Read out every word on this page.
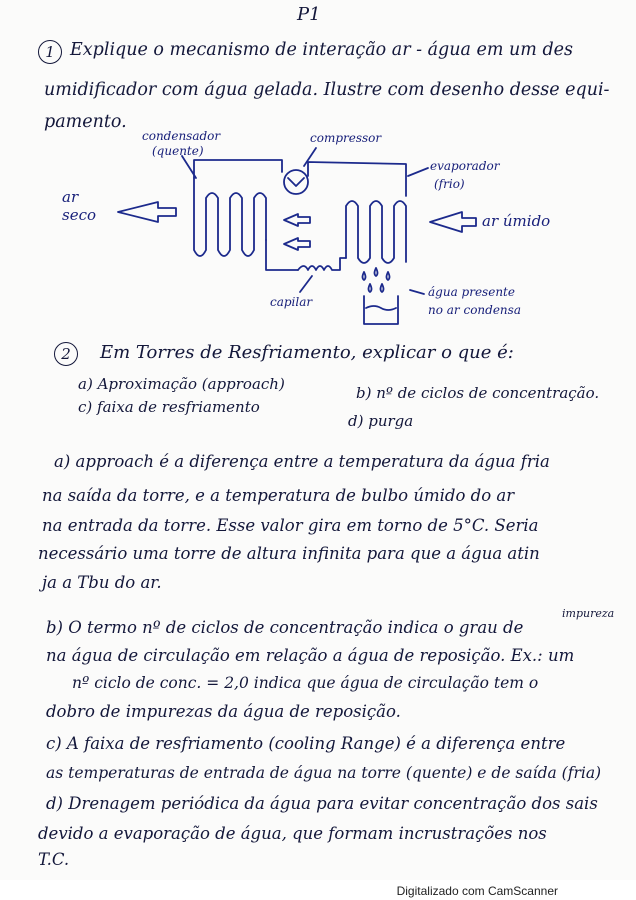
P1
1 Explique o mecanismo de interação ar - água em um des
umidificador com água gelada. Ilustre com desenho desse equi-
pamento.
condensador
(quente)
compressor
evaporador
(frio)
ar
seco	ar úmido
capilar
água presente
no ar condensa
2	Em Torres de Resfriamento, explicar o que é:
a) Aproximação (approach)	b) nº de ciclos de concentração.
c) faixa de resfriamento
d) purga
a) approach é a diferença entre a temperatura da água fria
na saída da torre, e a temperatura de bulbo úmido do ar
na entrada da torre. Esse valor gira em torno de 5°C. Seria
necessário uma torre de altura infinita para que a água atin
ja a Tbu do ar.
b) O termo nº de ciclos de concentração indica o grau de
impureza
na água de circulação em relação a água de reposição. Ex.: um
nº ciclo de conc. = 2,0 indica que água de circulação tem o
dobro de impurezas da água de reposição.
c) A faixa de resfriamento (cooling Range) é a diferença entre
as temperaturas de entrada de água na torre (quente) e de saída (fria)
d) Drenagem periódica da água para evitar concentração dos sais
devido a evaporação de água, que formam incrustrações nos
T.C.
Digitalizado com CamScanner
